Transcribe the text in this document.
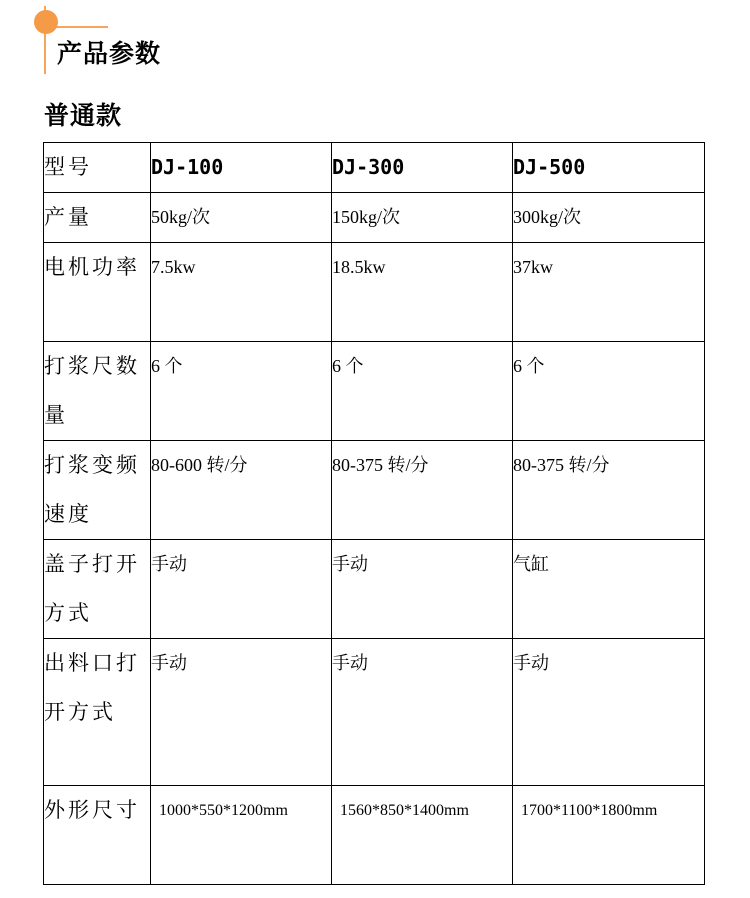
产品参数
普通款
型号	DJ-100	DJ-300	DJ-500
产量	50kg/次	150kg/次	300kg/次
电机功率	7.5kw	18.5kw	37kw
打浆尺数量	6 个	6 个	6 个
打浆变频速度	80-600 转/分	80-375 转/分	80-375 转/分
盖子打开方式	手动	手动	气缸
出料口打开方式	手动	手动	手动
外形尺寸	1000*550*1200mm	1560*850*1400mm	1700*1100*1800mm
